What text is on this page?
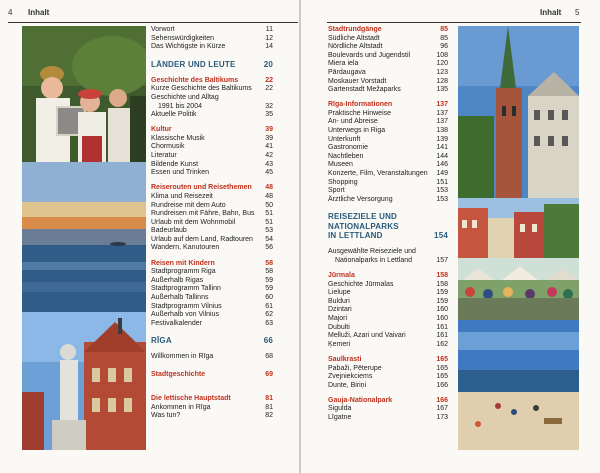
4 Inhalt
Vorwort	11
Sehenswürdigkeiten	12
Das Wichtigste in Kürze	14
LÄNDER UND LEUTE	20
Geschichte des Baltikums	22
Kurze Geschichte des Baltikums 22
Geschichte und Alltag
1991 bis 2004	32
Aktuelle Politik	35
Kultur	39
Klassische Musik	39
Chormusik	41
Literatur	42
Bildende Kunst	43
Essen und Trinken	45
Reiserouten und Reisethemen 48
Klima und Reisezeit	48
Rundreise mit dem Auto	50
Rundreisen mit Fähre, Bahn, Bus 51
Urlaub mit dem Wohnmobil	51
Badeurlaub	53
Urlaub auf dem Land, Radtouren 54
Wandern, Kanutouren	56
Reisen mit Kindern	58
Stadtprogramm Riga	58
Außerhalb Rigas	59
Stadtprogramm Tallinn	59
Außerhalb Tallinns	60
Stadtprogramm Vilnius	61
Außerhalb von Vilnius	62
Festivalkalender	63
RĪGA	66
Willkommen in Rīga	68
Stadtgeschichte	69
Die lettische Hauptstadt	81
Ankommen in Rīga	81
Was tun?	82
Inhalt 5
Stadtrundgänge	85
Südliche Altstadt	85
Nördliche Altstadt	96
Boulevards und Jugendstil	108
Miera iela	120
Pārdaugava	123
Moskauer Vorstadt	128
Gartenstadt Mežaparks	135
Rīga-Informationen	137
Praktische Hinweise	137
An- und Abreise	137
Unterwegs in Riga	138
Unterkunft	139
Gastronomie	141
Nachtleben	144
Museen	146
Konzerte, Film, Veranstaltungen 149
Shopping	151
Sport	153
Ärztliche Versorgung	153
REISEZIELE UND
NATIONALPARKS
IN LETTLAND	154
Ausgewählte Reiseziele und
Nationalparks in Lettland	157
Jūrmala	158
Geschichte Jūrmalas	158
Lielupe	159
Bulduri	159
Dzintari	160
Majori	160
Dubulti	161
Melluži, Azari und Vaivari	161
Ķemeri	162
Saulkrasti	165
Pabaži, Pēterupe	165
Zvejniekciems	165
Dunte, Biriņi	166
Gauja-Nationalpark	166
Sigulda	167
Līgatne	173
